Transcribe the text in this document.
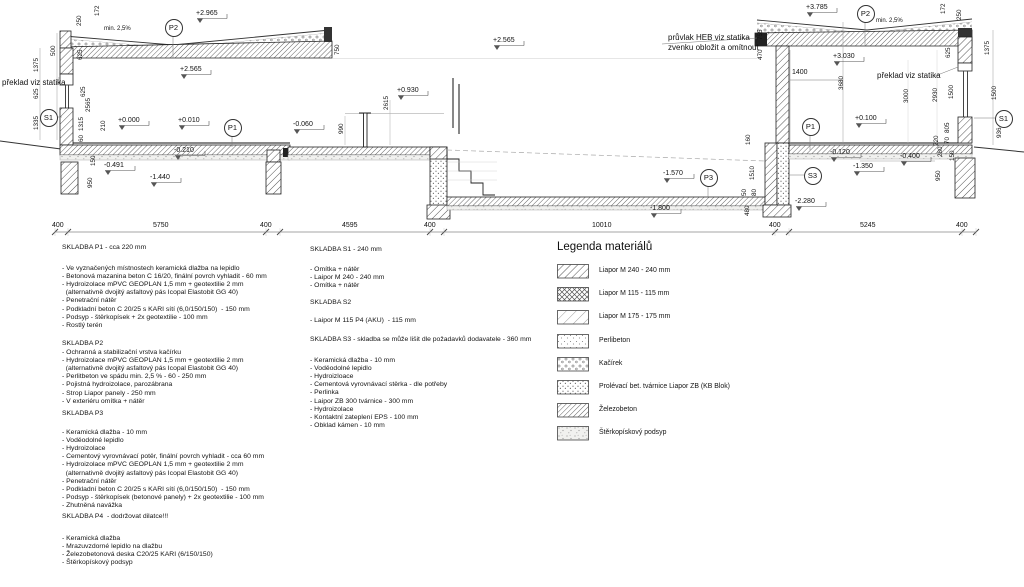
min. 2,5%
+2.965
750
250
172
500
1375
625
1335
překlad viz statika
625
625
2565
1315
60
210
150
950
+2.565
+0.000	+0.010
-0.060
-0.210
-0.491
-1.440
990
2615
+0.930
+2.565
-1.570
-1.800
průvlak HEB viz statika
zvenku obložit a omítnout
+3.785
min. 2,5%
172
250
755
470
1400
3680
+3.030
překlad viz statika
3000	2930 1500
625	1375
1500
936
+0.100
220
805
70
160
-0.120
-0.400
-1.350
1510
280 150
950
50 80
480
-2.280
400	5750	400	4595	400	10010	400	5245	400
SKLADBA P1 - cca 220 mm
- Ve vyznačených místnostech keramická dlažba na lepidlo
- Betonová mazanina beton C 16/20, finální povrch vyhladit - 60 mm
- Hydroizolace mPVC GEOPLAN 1,5 mm + geotextilie 2 mm
(alternativně dvojitý asfaltový pás Icopal Elastobit GG 40)
- Penetrační nátěr
- Podkladní beton C 20/25 s KARI sítí (6,0/150/150)  - 150 mm
- Podsyp - štěrkopísek + 2x geotextilie - 100 mm
- Rostlý terén
SKLADBA P2
- Ochranná a stabilizační vrstva kačírku
- Hydroizolace mPVC GEOPLAN 1,5 mm + geotextilie 2 mm
(alternativně dvojitý asfaltový pás Icopal Elastobit GG 40)
- Perlitbeton ve spádu min. 2,5 % - 60 - 250 mm
- Pojistná hydroizolace, parozábrana
- Strop Liapor panely - 250 mm
- V exteriéru omítka + nátěr
SKLADBA P3
- Keramická dlažba - 10 mm
- Voděodolné lepidlo
- Hydroizolace
- Cementový vyrovnávací potěr, finální povrch vyhladit - cca 60 mm
- Hydroizolace mPVC GEOPLAN 1,5 mm + geotextilie 2 mm
(alternativně dvojitý asfaltový pás Icopal Elastobit GG 40)
- Penetrační nátěr
- Podkladní beton C 20/25 s KARI sítí (6,0/150/150)  - 150 mm
- Podsyp - štěrkopísek (betonové panely) + 2x geotextilie - 100 mm
- Zhutněná navážka
SKLADBA P4  - dodržovat dilatce!!!
- Keramická dlažba
- Mrazuvzdorné lepidlo na dlažbu
- Železobetonová deska C20/25 KARI (6/150/150)
- Štěrkopískový podsyp
SKLADBA S1 - 240 mm
- Omítka + nátěr
- Laipor M 240 - 240 mm
- Omítka + nátěr
SKLADBA S2
- Laipor M 115 P4 (AKU)  - 115 mm
SKLADBA S3 - skladba se může lišit dle požadavků dodavatele - 360 mm
- Keramická dlažba - 10 mm
- Voděodolné lepidlo
- Hydroizloace
- Cementová vyrovnávací stěrka - dle potřeby
- Perlinka
- Laipor ZB 300 tvárnice - 300 mm
- Hydroizolace
- Kontaktní zateplení EPS - 100 mm
- Obklad kámen - 10 mm
Legenda materiálů
Liapor M 240 - 240 mm
Liapor M 115 - 115 mm
Liapor M 175 - 175 mm
Perlibeton
Kačírek
Prolévací bet. tvárnice Liapor ZB (KB Blok)
Železobeton
Štěrkopískový podsyp
P2
S1
P1
P3
P2
P1
S3
S1
